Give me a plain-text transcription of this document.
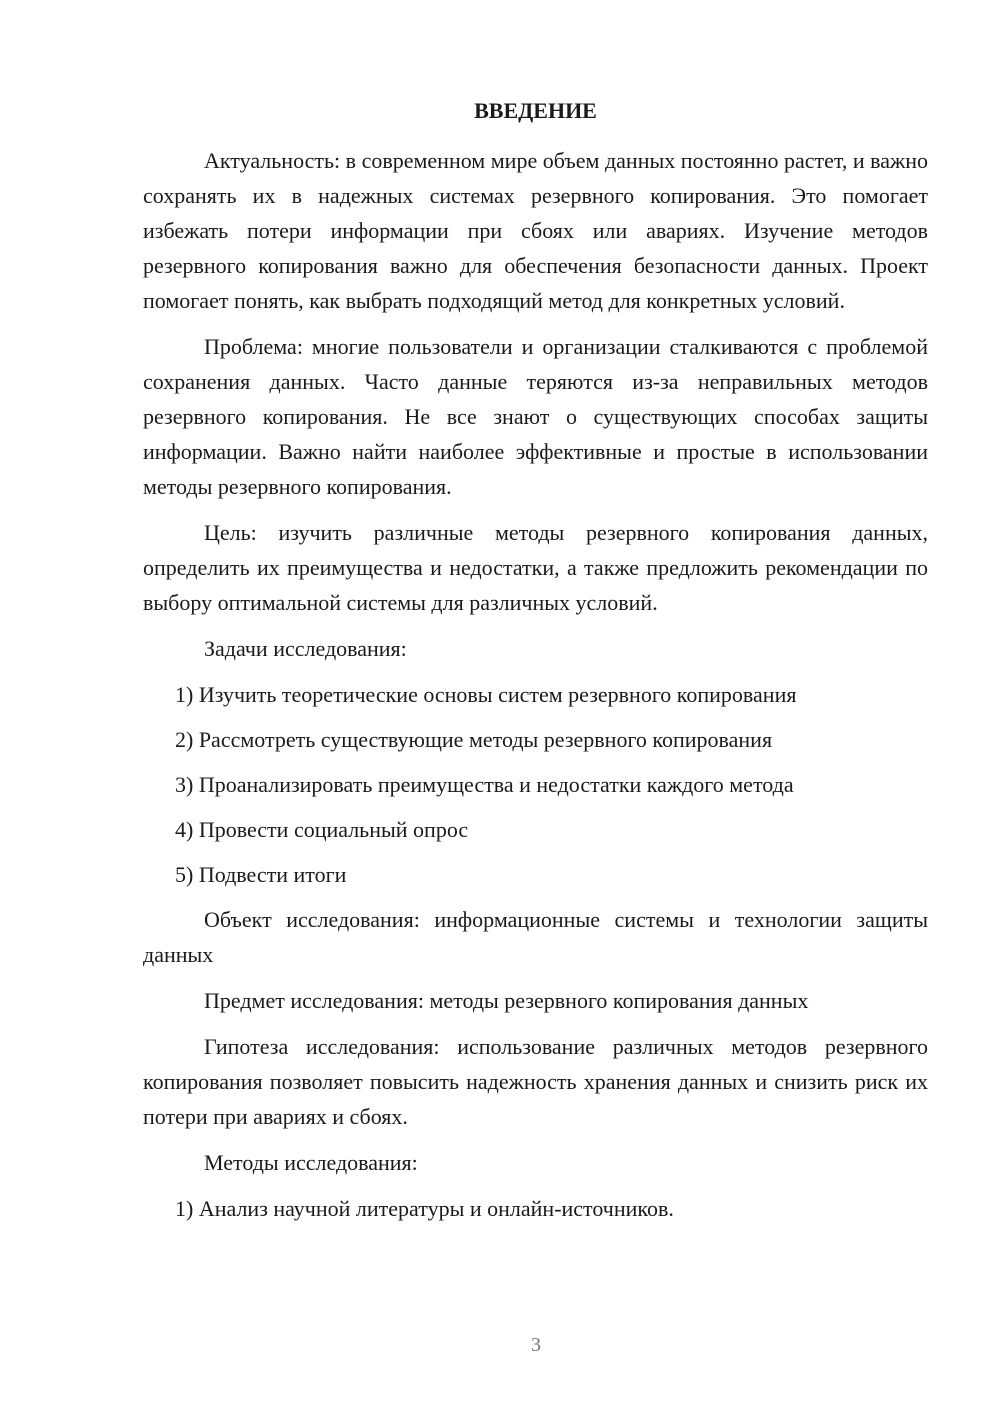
ВВЕДЕНИЕ

Актуальность: в современном мире объем данных постоянно растет, и важно сохранять их в надежных системах резервного копирования. Это помогает избежать потери информации при сбоях или авариях. Изучение методов резервного копирования важно для обеспечения безопасности данных. Проект помогает понять, как выбрать подходящий метод для конкретных условий.

Проблема: многие пользователи и организации сталкиваются с проблемой сохранения данных. Часто данные теряются из-за неправильных методов резервного копирования. Не все знают о существующих способах защиты информации. Важно найти наиболее эффективные и простые в использовании методы резервного копирования.

Цель: изучить различные методы резервного копирования данных, определить их преимущества и недостатки, а также предложить рекомендации по выбору оптимальной системы для различных условий.

Задачи исследования:

1) Изучить теоретические основы систем резервного копирования

2) Рассмотреть существующие методы резервного копирования

3) Проанализировать преимущества и недостатки каждого метода

4) Провести социальный опрос

5) Подвести итоги

Объект исследования: информационные системы и технологии защиты данных

Предмет исследования: методы резервного копирования данных

Гипотеза исследования: использование различных методов резервного копирования позволяет повысить надежность хранения данных и снизить риск их потери при авариях и сбоях.

Методы исследования:

1) Анализ научной литературы и онлайн-источников.

3
